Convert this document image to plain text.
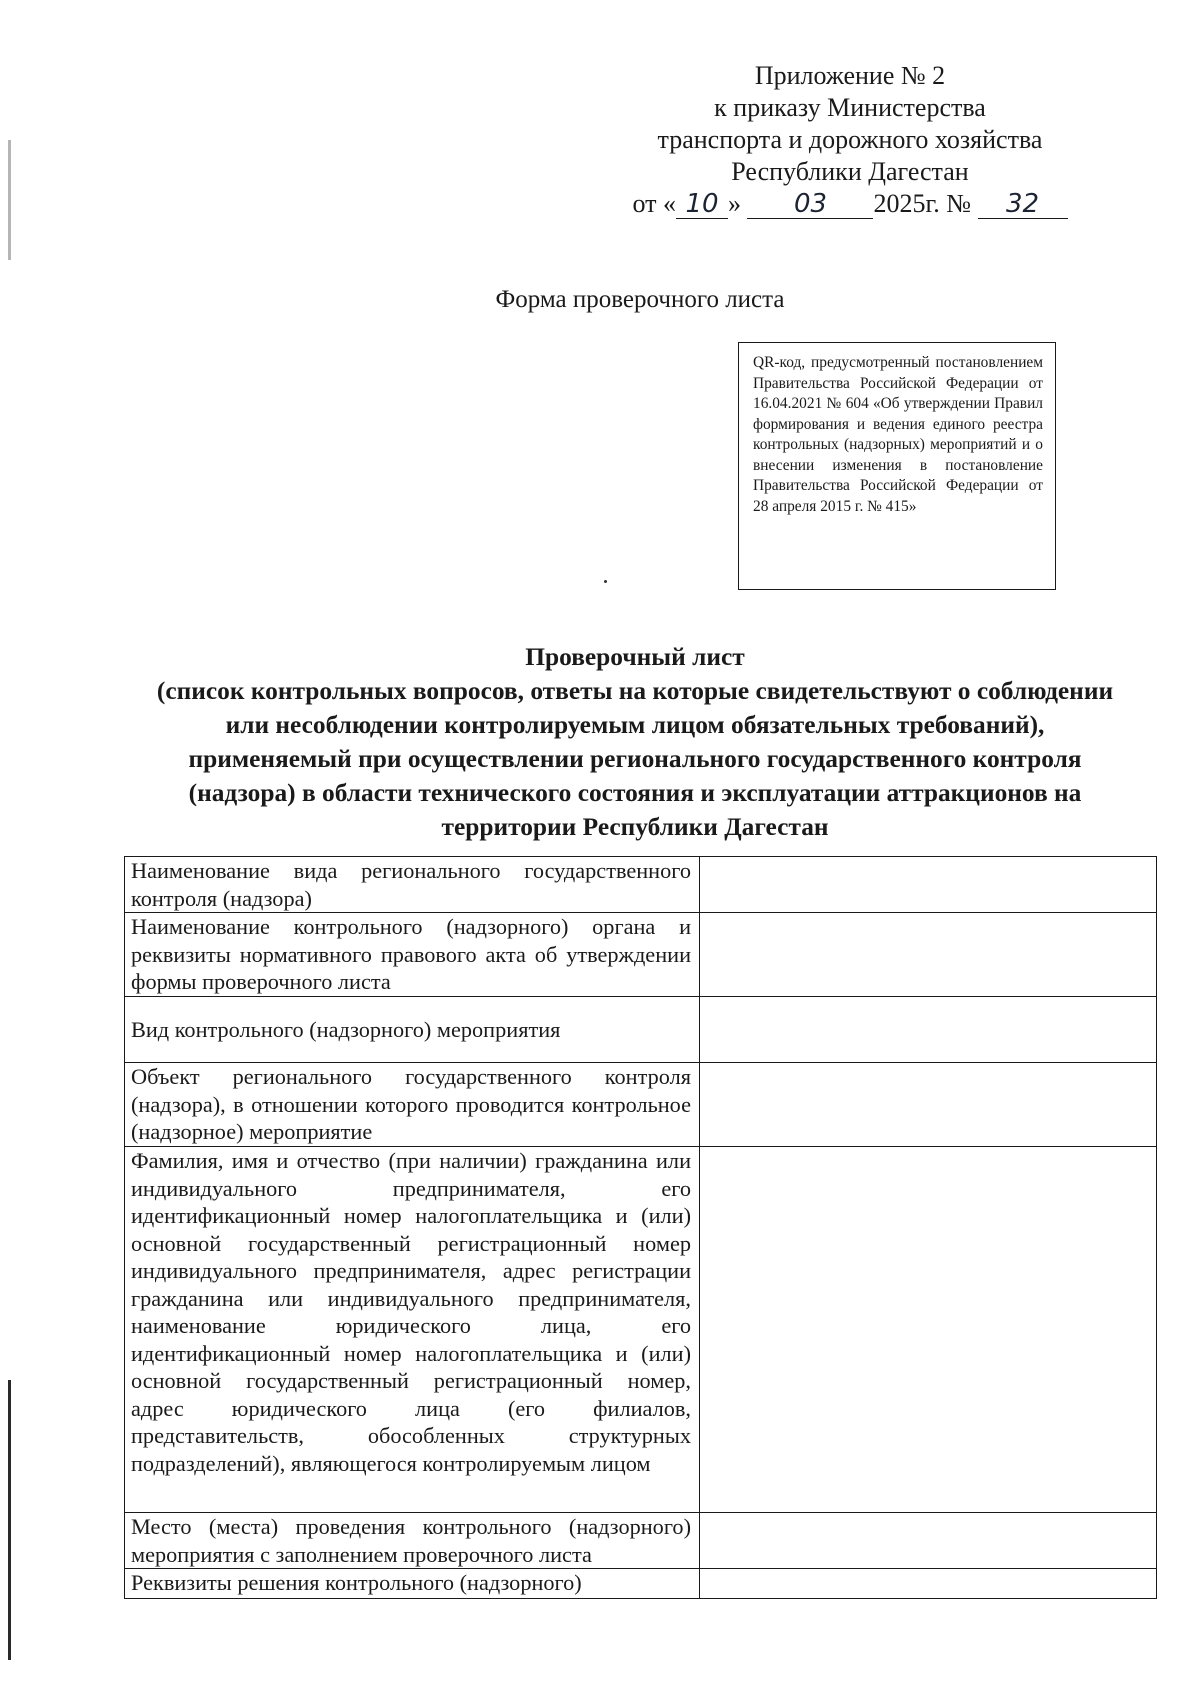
Приложение № 2
к приказу Министерства
транспорта и дорожного хозяйства
Республики Дагестан
от « 10 » 03 2025г. № 32
Форма проверочного листа
QR-код, предусмотренный постановлением Правительства Российской Федерации от 16.04.2021 № 604 «Об утверждении Правил формирования и ведения единого реестра контрольных (надзорных) мероприятий и о внесении изменения в постановление Правительства Российской Федерации от 28 апреля 2015 г. № 415»
Проверочный лист
(список контрольных вопросов, ответы на которые свидетельствуют о соблюдении или несоблюдении контролируемым лицом обязательных требований), применяемый при осуществлении регионального государственного контроля (надзора) в области технического состояния и эксплуатации аттракционов на территории Республики Дагестан
Наименование вида регионального государственного контроля (надзора)	
Наименование контрольного (надзорного) органа и реквизиты нормативного правового акта об утверждении формы проверочного листа	
Вид контрольного (надзорного) мероприятия	
Объект регионального государственного контроля (надзора), в отношении которого проводится контрольное (надзорное) мероприятие	
Фамилия, имя и отчество (при наличии) гражданина или индивидуального предпринимателя, его идентификационный номер налогоплательщика и (или) основной государственный регистрационный номер индивидуального предпринимателя, адрес регистрации гражданина или индивидуального предпринимателя, наименование юридического лица, его идентификационный номер налогоплательщика и (или) основной государственный регистрационный номер, адрес юридического лица (его филиалов, представительств, обособленных структурных подразделений), являющегося контролируемым лицом	
Место (места) проведения контрольного (надзорного) мероприятия с заполнением проверочного листа	
Реквизиты решения контрольного (надзорного)	
